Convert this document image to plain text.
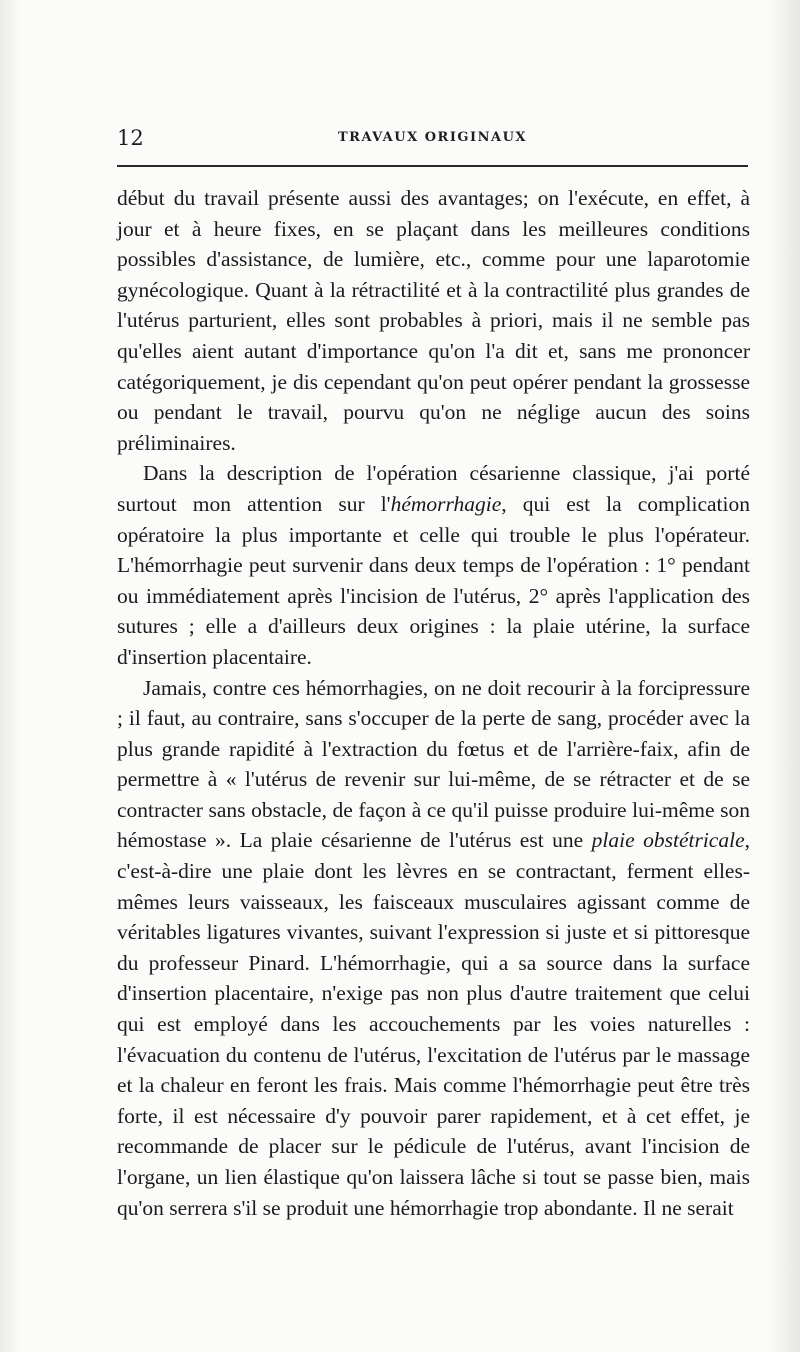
12	TRAVAUX ORIGINAUX

début du travail présente aussi des avantages; on l'exécute, en effet, à jour et à heure fixes, en se plaçant dans les meilleures conditions possibles d'assistance, de lumière, etc., comme pour une laparotomie gynécologique. Quant à la rétractilité et à la contractilité plus grandes de l'utérus parturient, elles sont probables à priori, mais il ne semble pas qu'elles aient autant d'importance qu'on l'a dit et, sans me prononcer catégoriquement, je dis cependant qu'on peut opérer pendant la grossesse ou pendant le travail, pourvu qu'on ne néglige aucun des soins préliminaires.

Dans la description de l'opération césarienne classique, j'ai porté surtout mon attention sur l'hémorrhagie, qui est la complication opératoire la plus importante et celle qui trouble le plus l'opérateur. L'hémorrhagie peut survenir dans deux temps de l'opération : 1° pendant ou immédiatement après l'incision de l'utérus, 2° après l'application des sutures ; elle a d'ailleurs deux origines : la plaie utérine, la surface d'insertion placentaire.

Jamais, contre ces hémorrhagies, on ne doit recourir à la forcipressure ; il faut, au contraire, sans s'occuper de la perte de sang, procéder avec la plus grande rapidité à l'extraction du fœtus et de l'arrière-faix, afin de permettre à « l'utérus de revenir sur lui-même, de se rétracter et de se contracter sans obstacle, de façon à ce qu'il puisse produire lui-même son hémostase ». La plaie césarienne de l'utérus est une plaie obstétricale, c'est-à-dire une plaie dont les lèvres en se contractant, ferment elles-mêmes leurs vaisseaux, les faisceaux musculaires agissant comme de véritables ligatures vivantes, suivant l'expression si juste et si pittoresque du professeur Pinard. L'hémorrhagie, qui a sa source dans la surface d'insertion placentaire, n'exige pas non plus d'autre traitement que celui qui est employé dans les accouchements par les voies naturelles : l'évacuation du contenu de l'utérus, l'excitation de l'utérus par le massage et la chaleur en feront les frais. Mais comme l'hémorrhagie peut être très forte, il est nécessaire d'y pouvoir parer rapidement, et à cet effet, je recommande de placer sur le pédicule de l'utérus, avant l'incision de l'organe, un lien élastique qu'on laissera lâche si tout se passe bien, mais qu'on serrera s'il se produit une hémorrhagie trop abondante. Il ne serait
